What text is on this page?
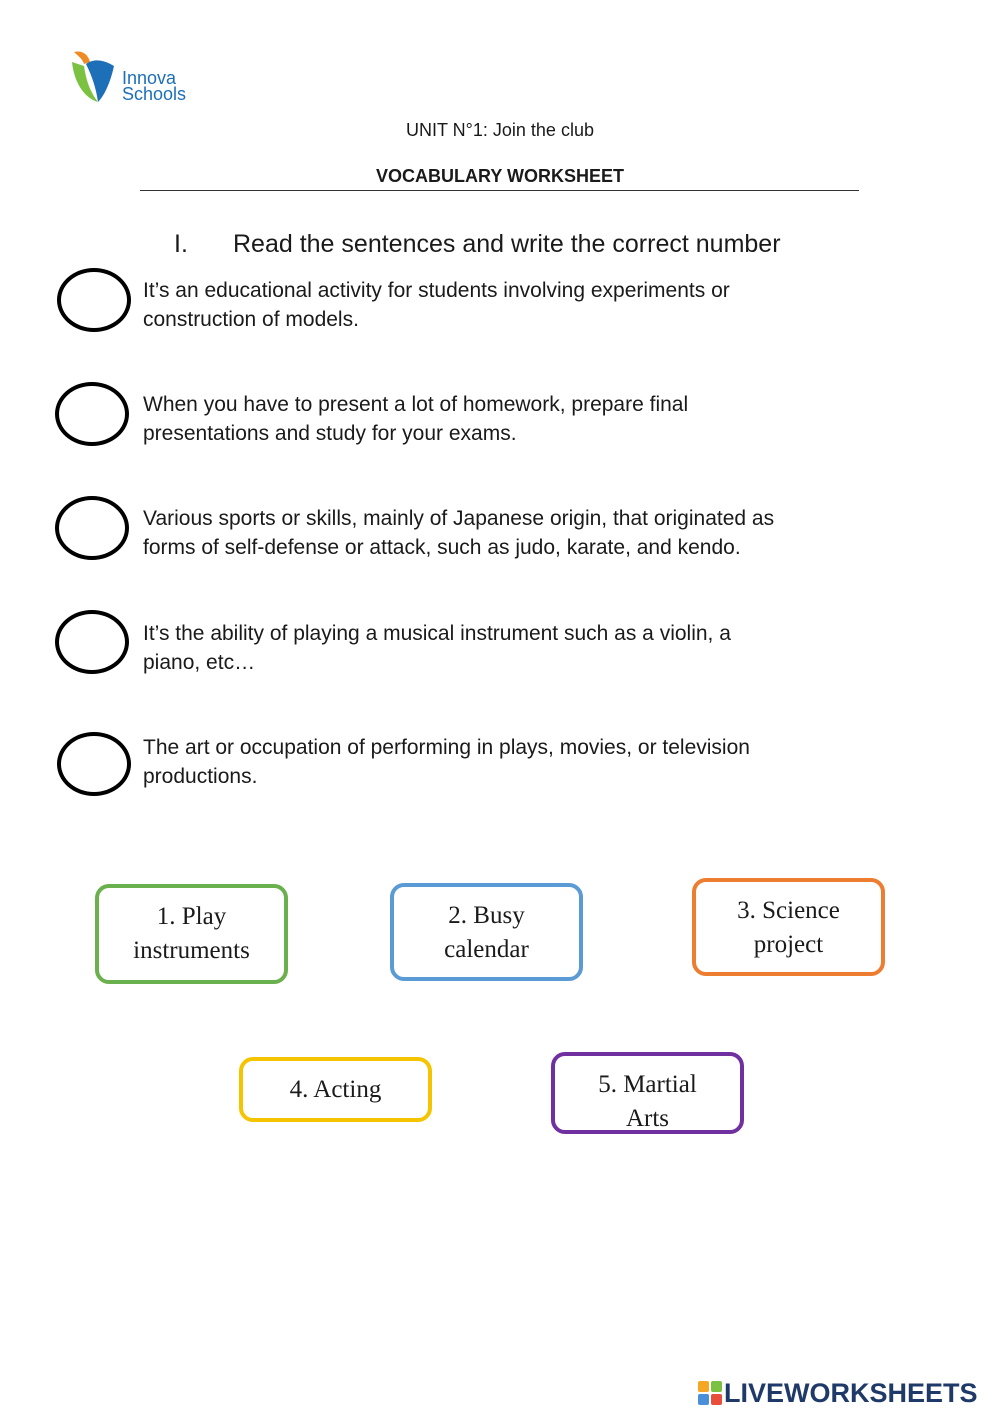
Innova
Schools
UNIT N°1: Join the club
VOCABULARY WORKSHEET
I. Read the sentences and write the correct number
It’s an educational activity for students involving experiments or
construction of models.
When you have to present a lot of homework, prepare final
presentations and study for your exams.
Various sports or skills, mainly of Japanese origin, that originated as
forms of self-defense or attack, such as judo, karate, and kendo.
It’s the ability of playing a musical instrument such as a violin, a
piano, etc…
The art or occupation of performing in plays, movies, or television
productions.
1. Play
instruments
2. Busy
calendar
3. Science
project
4. Acting	5. Martial
Arts
LIVEWORKSHEETS
